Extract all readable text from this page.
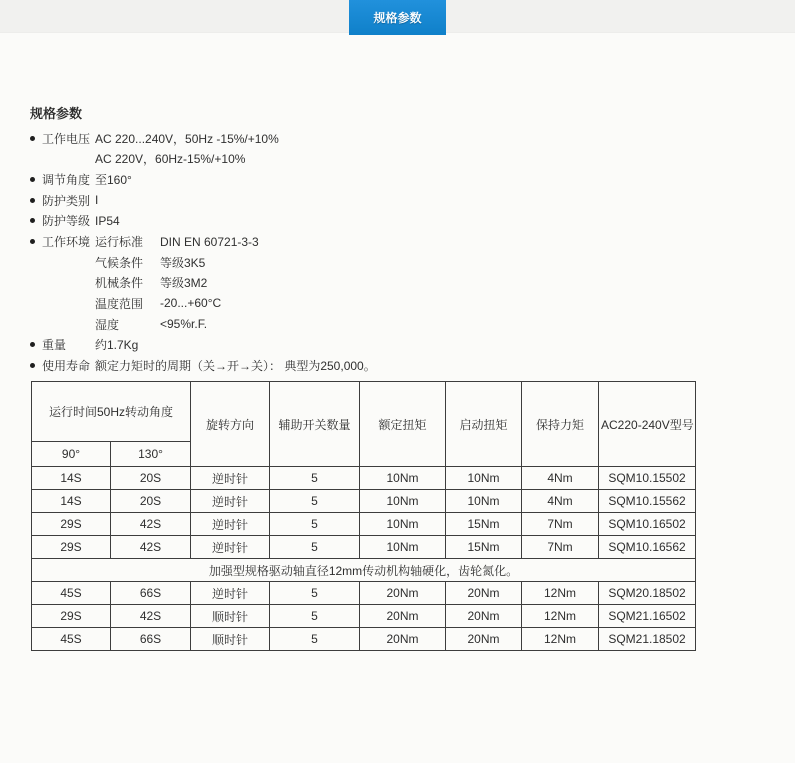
规格参数
规格参数
工作电压 AC 220...240V，50Hz -15%/+10%
AC 220V，60Hz-15%/+10%
调节角度 至160°
防护类别 I
防护等级 IP54
工作环境 运行标准	DIN EN 60721-3-3
气候条件	等级3K5
机械条件	等级3M2
温度范围	-20...+60°C
湿度	<95%r.F.
重量	约1.7Kg
使用寿命 额定力矩时的周期（关→开→关）： 典型为250,000。
运行时间50Hz转动角度		旋转方向	辅助开关数量	额定扭矩	启动扭矩	保持力矩	AC220-240V型号
90°	130°						
14S	20S	逆时针	5	10Nm	10Nm	4Nm	SQM10.15502
14S	20S	逆时针	5	10Nm	10Nm	4Nm	SQM10.15562
29S	42S	逆时针	5	10Nm	15Nm	7Nm	SQM10.16502
29S	42S	逆时针	5	10Nm	15Nm	7Nm	SQM10.16562
加强型规格驱动轴直径12mm传动机构轴硬化，齿轮氮化。							
45S	66S	逆时针	5	20Nm	20Nm	12Nm	SQM20.18502
29S	42S	顺时针	5	20Nm	20Nm	12Nm	SQM21.16502
45S	66S	顺时针	5	20Nm	20Nm	12Nm	SQM21.18502
